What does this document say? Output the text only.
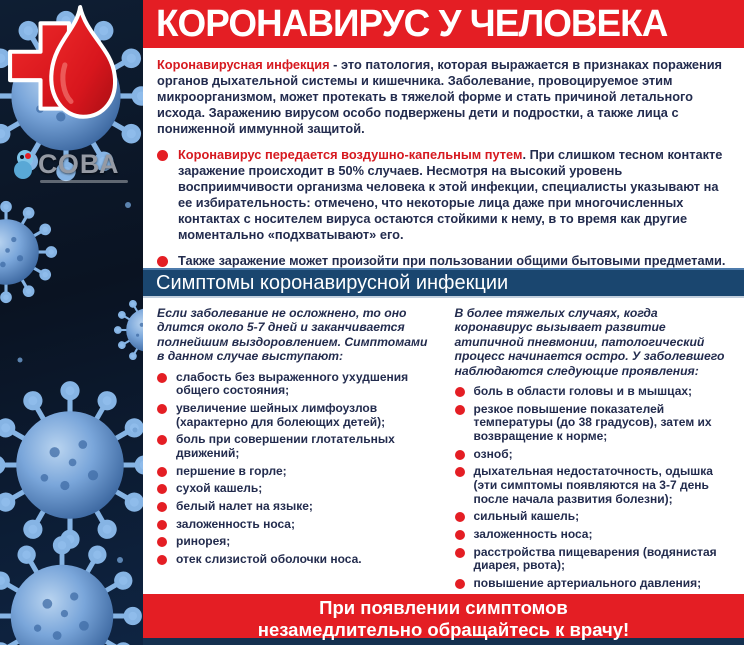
СОВА
КОРОНАВИРУС У ЧЕЛОВЕКА

Коронавирусная инфекция - это патология, которая выражается в признаках поражения органов дыхательной системы и кишечника. Заболевание, провоцируемое этим микроорганизмом, может протекать в тяжелой форме и стать причиной летального исхода. Заражению вирусом особо подвержены дети и подростки, а также лица с пониженной иммунной защитой.

Коронавирус передается воздушно-капельным путем. При слишком тесном контакте заражение происходит в 50% случаев. Несмотря на высокий уровень восприимчивости организма человека к этой инфекции, специалисты указывают на ее избирательность: отмечено, что некоторые лица даже при многочисленных контактах с носителем вируса остаются стойкими к нему, в то время как другие моментально «подхватывают» его.
Также заражение может произойти при пользовании общими бытовыми предметами.
Симптомы коронавирусной инфекции

Если заболевание не осложнено, то оно длится около 5-7 дней и заканчивается полнейшим выздоровлением. Симптомами в данном случае выступают:

слабость без выраженного ухудшения общего состояния;
увеличение шейных лимфоузлов (характерно для болеющих детей);
боль при совершении глотательных движений;
першение в горле;
сухой кашель;
белый налет на языке;
заложенность носа;
ринорея;
отек слизистой оболочки носа.

В более тяжелых случаях, когда коронавирус вызывает развитие атипичной пневмонии, патологический процесс начинается остро. У заболевшего наблюдаются следующие проявления:

боль в области головы и в мышцах;
резкое повышение показателей температуры (до 38 градусов), затем их возвращение к норме;
озноб;
дыхательная недостаточность, одышка (эти симптомы появляются на 3-7 день после начала развития болезни);
сильный кашель;
заложенность носа;
расстройства пищеварения (водянистая диарея, рвота);
повышение артериального давления;
При появлении симптомов
незамедлительно обращайтесь к врачу!
